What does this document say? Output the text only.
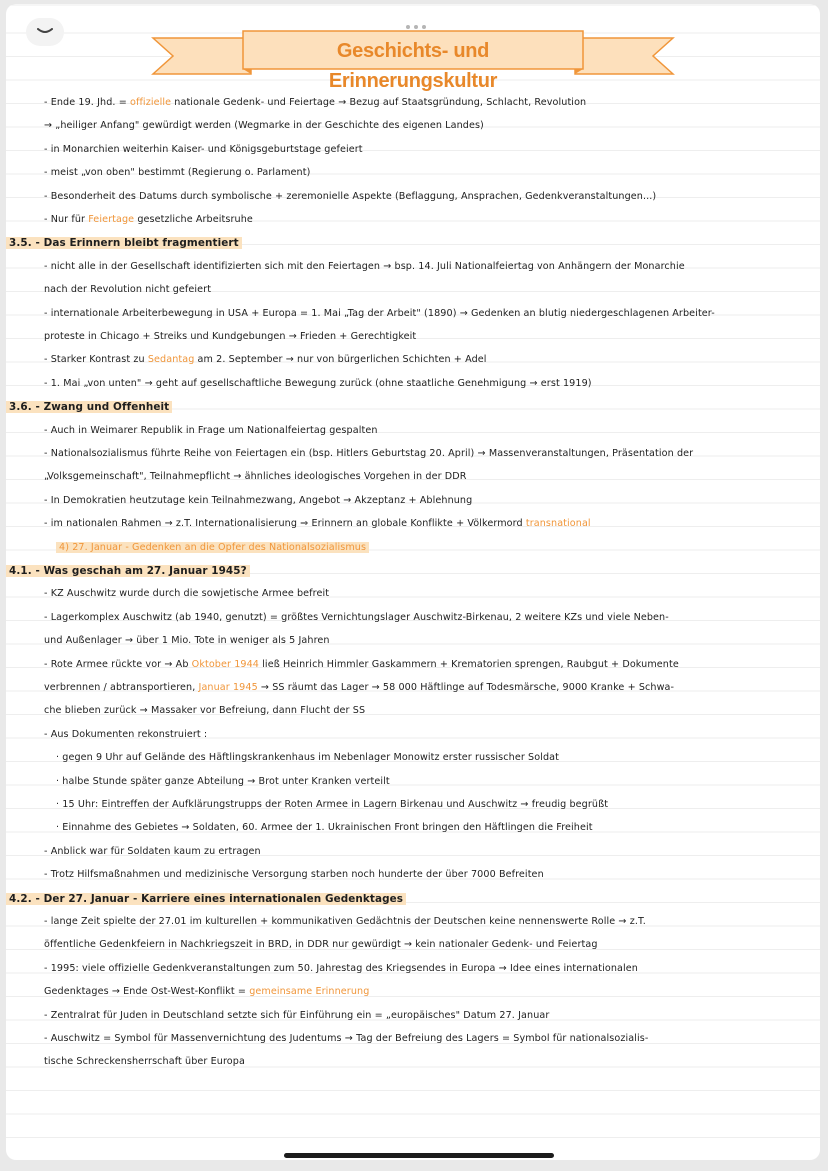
Geschichts- und Erinnerungskultur
- Ende 19. Jhd. = offizielle nationale Gedenk- und Feiertage → Bezug auf Staatsgründung, Schlacht, Revolution
→ „heiliger Anfang" gewürdigt werden (Wegmarke in der Geschichte des eigenen Landes)
- in Monarchien weiterhin Kaiser- und Königsgeburtstage gefeiert
- meist „von oben" bestimmt (Regierung o. Parlament)
- Besonderheit des Datums durch symbolische + zeremonielle Aspekte (Beflaggung, Ansprachen, Gedenkveranstaltungen...)
- Nur für Feiertage gesetzliche Arbeitsruhe
3.5. - Das Erinnern bleibt fragmentiert
- nicht alle in der Gesellschaft identifizierten sich mit den Feiertagen → bsp. 14. Juli Nationalfeiertag von Anhängern der Monarchie
nach der Revolution nicht gefeiert
- internationale Arbeiterbewegung in USA + Europa = 1. Mai „Tag der Arbeit" (1890) → Gedenken an blutig niedergeschlagenen Arbeiter-
proteste in Chicago + Streiks und Kundgebungen → Frieden + Gerechtigkeit
- Starker Kontrast zu Sedantag am 2. September → nur von bürgerlichen Schichten + Adel
- 1. Mai „von unten" → geht auf gesellschaftliche Bewegung zurück (ohne staatliche Genehmigung → erst 1919)
3.6. - Zwang und Offenheit
- Auch in Weimarer Republik in Frage um Nationalfeiertag gespalten
- Nationalsozialismus führte Reihe von Feiertagen ein (bsp. Hitlers Geburtstag 20. April) → Massenveranstaltungen, Präsentation der
„Volksgemeinschaft", Teilnahmepflicht → ähnliches ideologisches Vorgehen in der DDR
- In Demokratien heutzutage kein Teilnahmezwang, Angebot → Akzeptanz + Ablehnung
- im nationalen Rahmen → z.T. Internationalisierung ⇒ Erinnern an globale Konflikte + Völkermord transnational
4) 27. Januar - Gedenken an die Opfer des Nationalsozialismus
4.1. - Was geschah am 27. Januar 1945?
- KZ Auschwitz wurde durch die sowjetische Armee befreit
- Lagerkomplex Auschwitz (ab 1940, genutzt) = größtes Vernichtungslager Auschwitz-Birkenau, 2 weitere KZs und viele Neben-
und Außenlager → über 1 Mio. Tote in weniger als 5 Jahren
- Rote Armee rückte vor → Ab Oktober 1944 ließ Heinrich Himmler Gaskammern + Krematorien sprengen, Raubgut + Dokumente
verbrennen / abtransportieren, Januar 1945 → SS räumt das Lager → 58 000 Häftlinge auf Todesmärsche, 9000 Kranke + Schwa-
che blieben zurück → Massaker vor Befreiung, dann Flucht der SS
- Aus Dokumenten rekonstruiert :
· gegen 9 Uhr auf Gelände des Häftlingskrankenhaus im Nebenlager Monowitz erster russischer Soldat
· halbe Stunde später ganze Abteilung → Brot unter Kranken verteilt
· 15 Uhr: Eintreffen der Aufklärungstrupps der Roten Armee in Lagern Birkenau und Auschwitz → freudig begrüßt
· Einnahme des Gebietes → Soldaten, 60. Armee der 1. Ukrainischen Front bringen den Häftlingen die Freiheit
- Anblick war für Soldaten kaum zu ertragen
- Trotz Hilfsmaßnahmen und medizinische Versorgung starben noch hunderte der über 7000 Befreiten
4.2. - Der 27. Januar - Karriere eines internationalen Gedenktages
- lange Zeit spielte der 27.01 im kulturellen + kommunikativen Gedächtnis der Deutschen keine nennenswerte Rolle → z.T.
öffentliche Gedenkfeiern in Nachkriegszeit in BRD, in DDR nur gewürdigt → kein nationaler Gedenk- und Feiertag
- 1995: viele offizielle Gedenkveranstaltungen zum 50. Jahrestag des Kriegsendes in Europa → Idee eines internationalen
Gedenktages → Ende Ost-West-Konflikt = gemeinsame Erinnerung
- Zentralrat für Juden in Deutschland setzte sich für Einführung ein = „europäisches" Datum 27. Januar
- Auschwitz = Symbol für Massenvernichtung des Judentums → Tag der Befreiung des Lagers = Symbol für nationalsozialis-
tische Schreckensherrschaft über Europa
